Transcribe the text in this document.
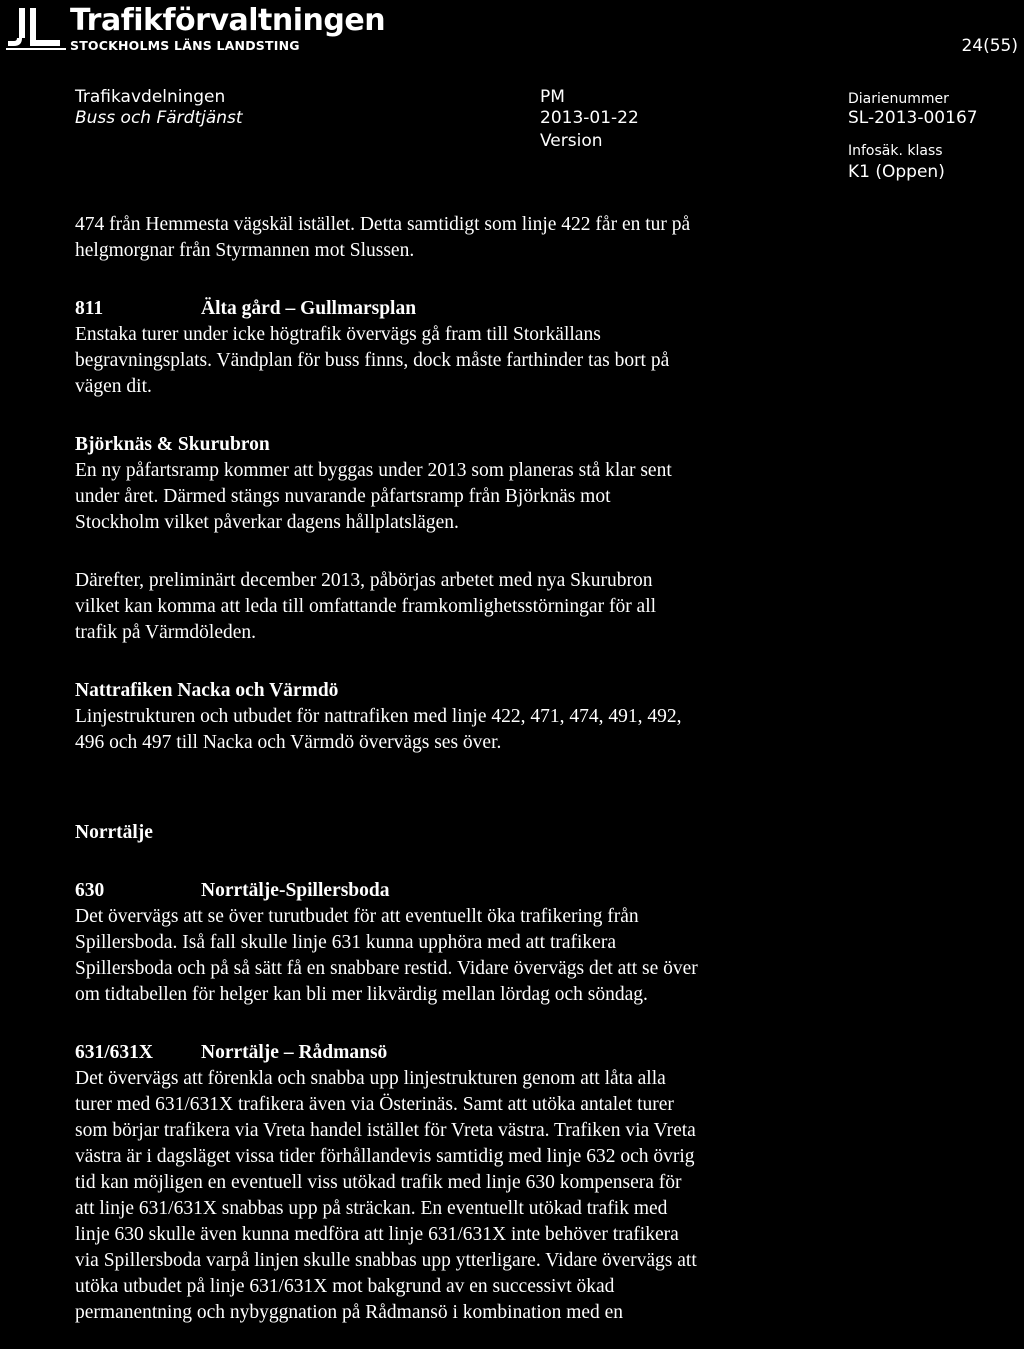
Trafikförvaltningen
STOCKHOLMS LÄNS LANDSTING	24(55)
Trafikavdelningen
Buss och Färdtjänst
PM
2013-01-22
Version
Diarienummer
SL-2013-00167
Infosäk. klass
K1 (Oppen)

474 från Hemmesta vägskäl istället. Detta samtidigt som linje 422 får en tur på

helgmorgnar från Styrmannen mot Slussen.

811	Älta gård – Gullmarsplan

Enstaka turer under icke högtrafik övervägs gå fram till Storkällans

begravningsplats. Vändplan för buss finns, dock måste farthinder tas bort på

vägen dit.

Björknäs & Skurubron

En ny påfartsramp kommer att byggas under 2013 som planeras stå klar sent

under året. Därmed stängs nuvarande påfartsramp från Björknäs mot

Stockholm vilket påverkar dagens hållplatslägen.

Därefter, preliminärt december 2013, påbörjas arbetet med nya Skurubron

vilket kan komma att leda till omfattande framkomlighetsstörningar för all

trafik på Värmdöleden.

Nattrafiken Nacka och Värmdö

Linjestrukturen och utbudet för nattrafiken med linje 422, 471, 474, 491, 492,

496 och 497 till Nacka och Värmdö övervägs ses över.

Norrtälje

630	Norrtälje-Spillersboda

Det övervägs att se över turutbudet för att eventuellt öka trafikering från

Spillersboda. Iså fall skulle linje 631 kunna upphöra med att trafikera

Spillersboda och på så sätt få en snabbare restid. Vidare övervägs det att se över

om tidtabellen för helger kan bli mer likvärdig mellan lördag och söndag.

631/631X	Norrtälje – Rådmansö

Det övervägs att förenkla och snabba upp linjestrukturen genom att låta alla

turer med 631/631X trafikera även via Österinäs. Samt att utöka antalet turer

som börjar trafikera via Vreta handel istället för Vreta västra. Trafiken via Vreta

västra är i dagsläget vissa tider förhållandevis samtidig med linje 632 och övrig

tid kan möjligen en eventuell viss utökad trafik med linje 630 kompensera för

att linje 631/631X snabbas upp på sträckan. En eventuellt utökad trafik med

linje 630 skulle även kunna medföra att linje 631/631X inte behöver trafikera

via Spillersboda varpå linjen skulle snabbas upp ytterligare. Vidare övervägs att

utöka utbudet på linje 631/631X mot bakgrund av en successivt ökad

permanentning och nybyggnation på Rådmansö i kombination med en
